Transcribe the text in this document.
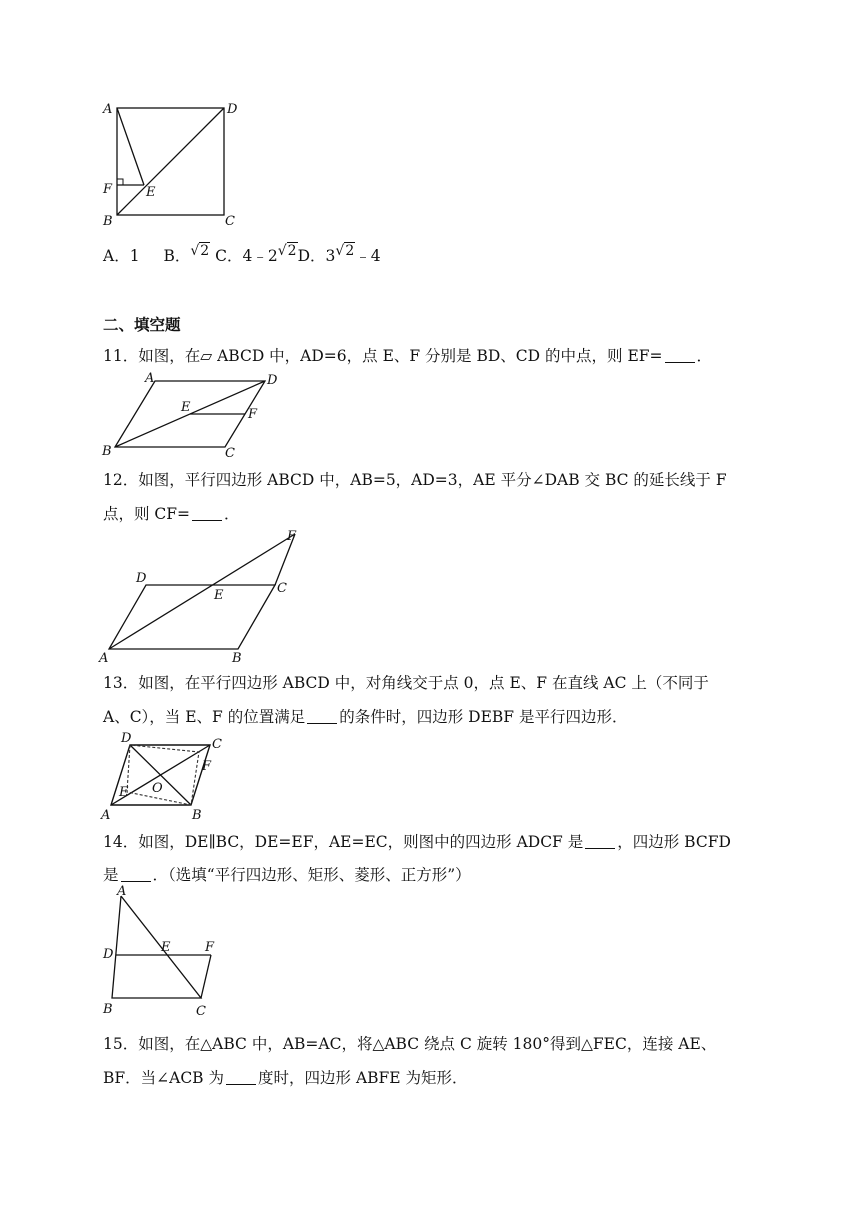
A	D
F	E
B	C
A．1 B．√2 C．4﹣2√2D．3√2﹣4
二、填空题
11．如图，在▱ ABCD 中，AD=6，点 E、F 分别是 BD、CD 的中点，则 EF= ．
A	D
E	F
B	C
12．如图，平行四边形 ABCD 中，AB=5，AD=3，AE 平分∠DAB 交 BC 的延长线于 F
点，则 CF= ．
D
C
F
E
A	B
13．如图，在平行四边形 ABCD 中，对角线交于点 0，点 E、F 在直线 AC 上（不同于
A、C），当 E、F 的位置满足 的条件时，四边形 DEBF 是平行四边形．
D	C
F
O
E
A	B
14．如图，DE∥BC，DE=EF，AE=EC，则图中的四边形 ADCF 是 ，四边形 BCFD
是 ．（选填“平行四边形、矩形、菱形、正方形”）
A
D	E	F
B	C
15．如图，在△ABC 中，AB=AC，将△ABC 绕点 C 旋转 180°得到△FEC，连接 AE、
BF．当∠ACB 为 度时，四边形 ABFE 为矩形．
